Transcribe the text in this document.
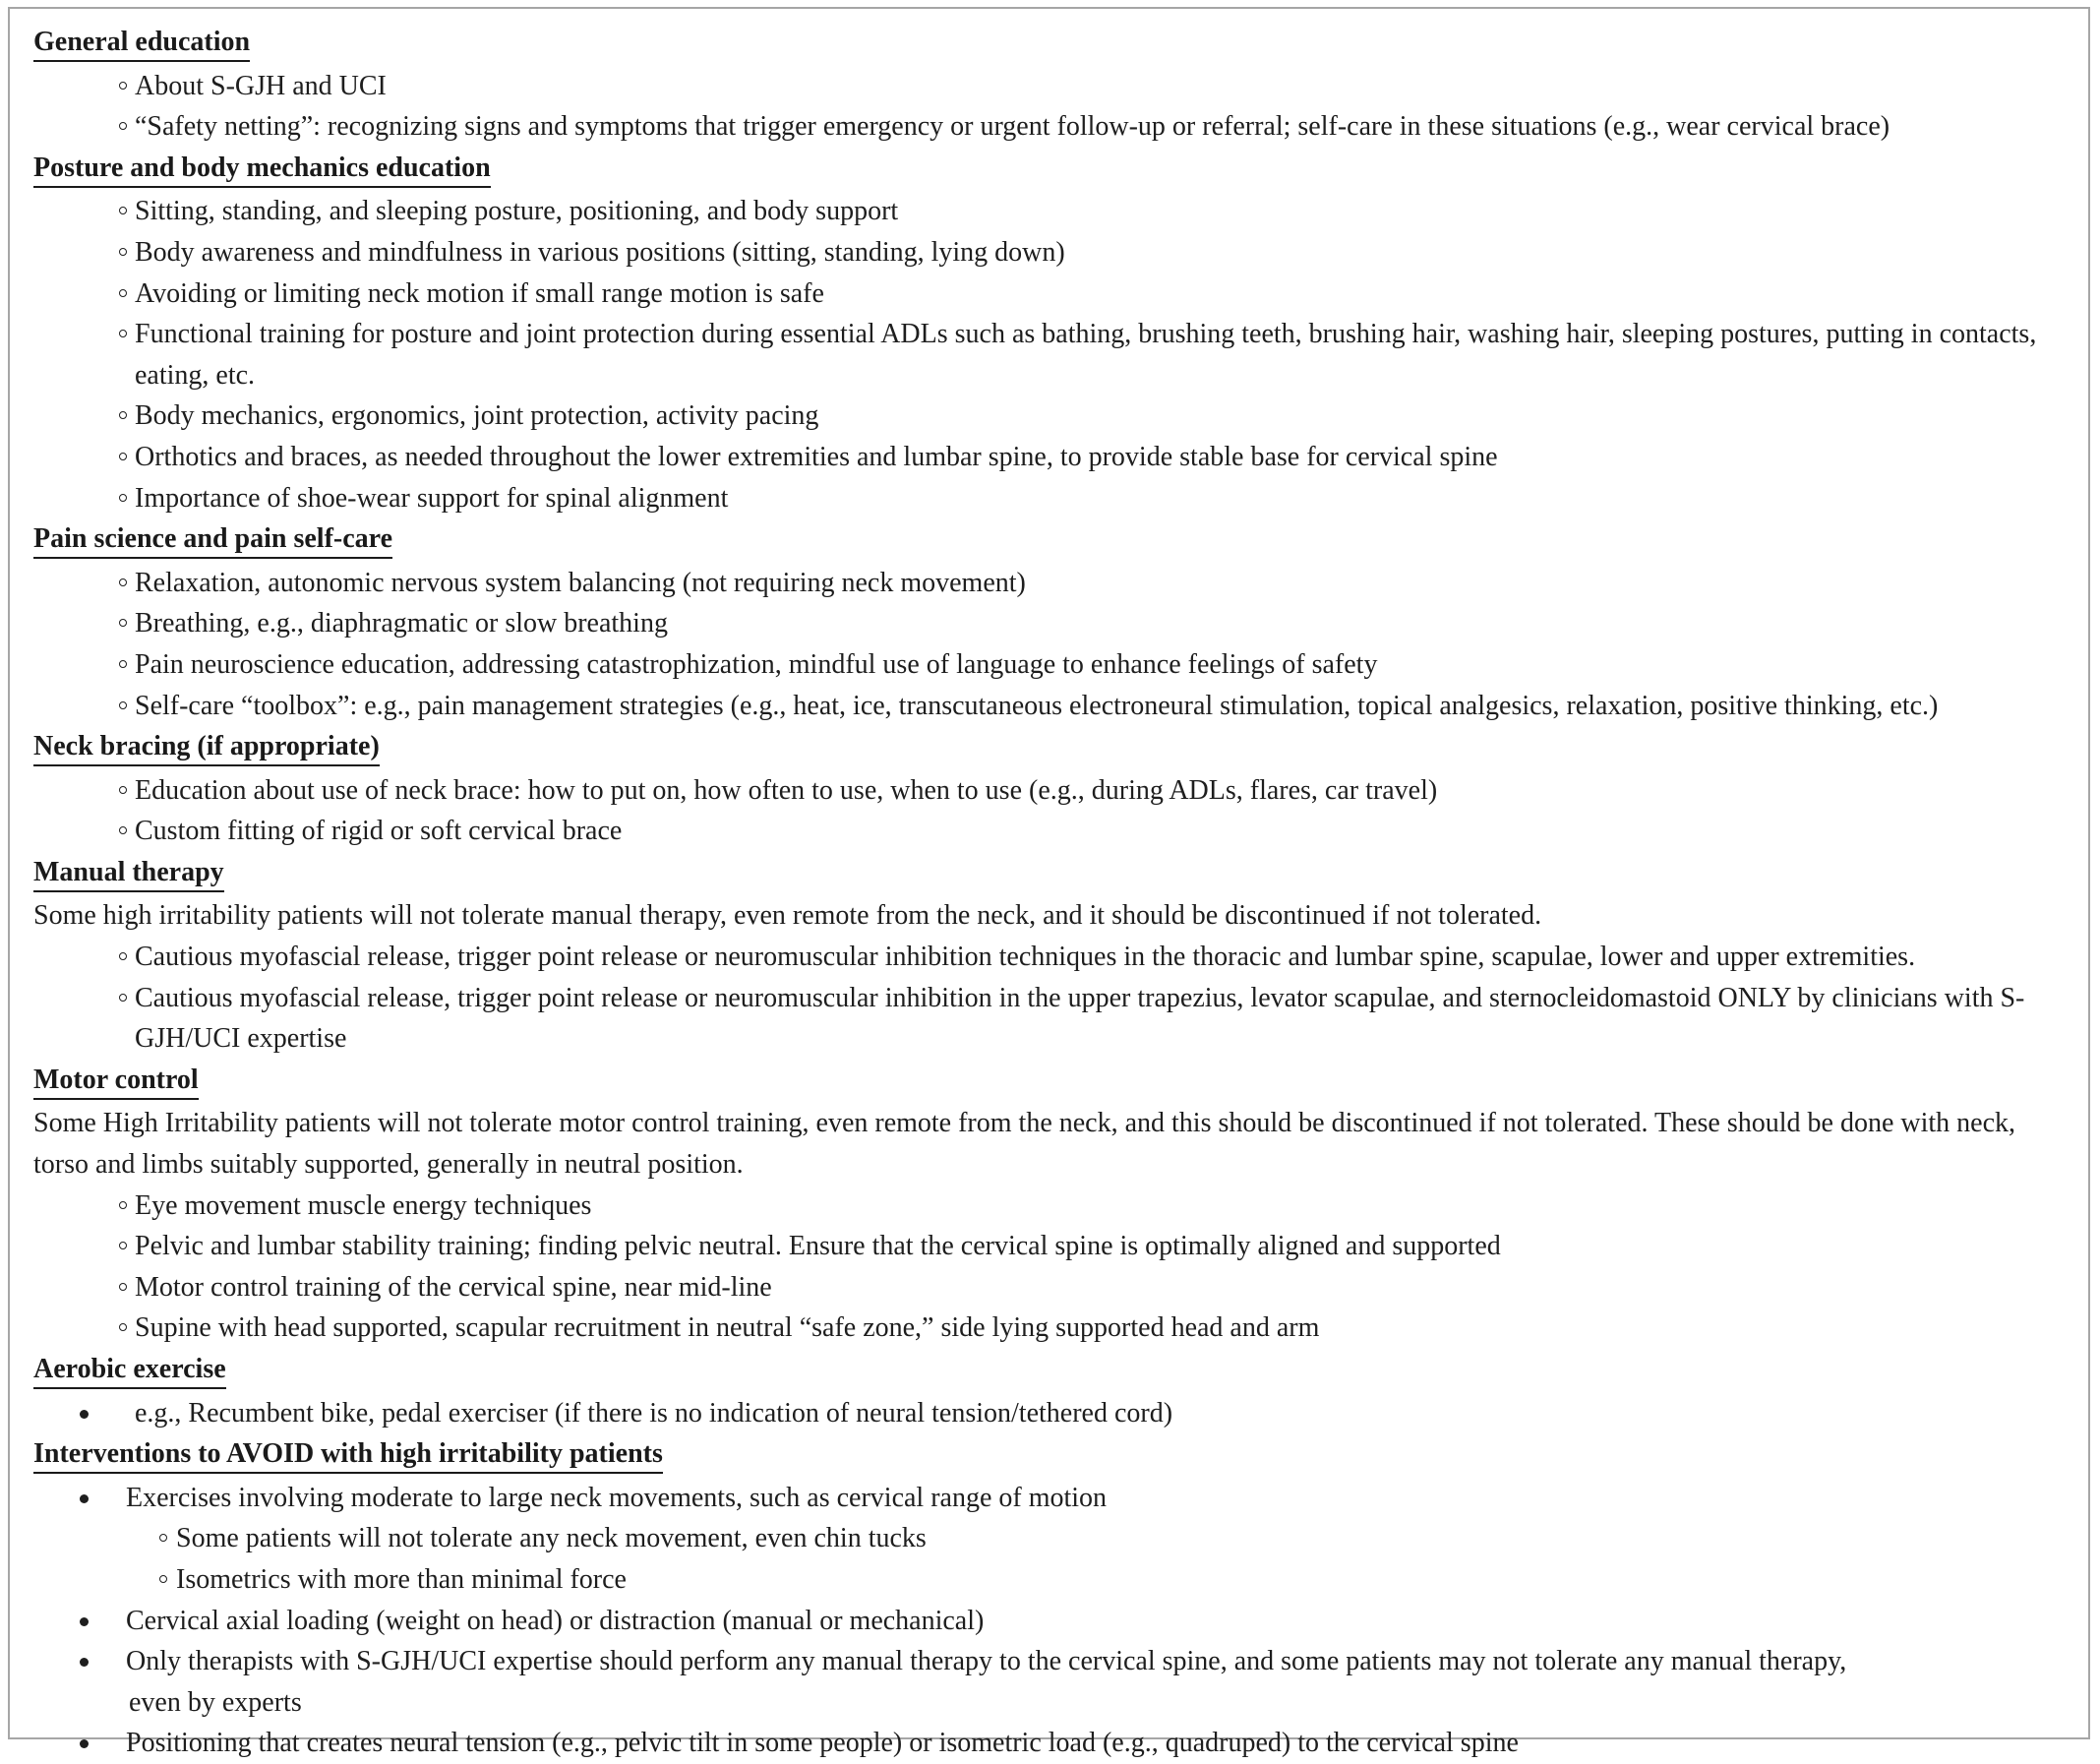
General education
About S-GJH and UCI
“Safety netting”: recognizing signs and symptoms that trigger emergency or urgent follow-up or referral; self-care in these situations (e.g., wear cervical brace)
Posture and body mechanics education
Sitting, standing, and sleeping posture, positioning, and body support
Body awareness and mindfulness in various positions (sitting, standing, lying down)
Avoiding or limiting neck motion if small range motion is safe
Functional training for posture and joint protection during essential ADLs such as bathing, brushing teeth, brushing hair, washing hair, sleeping postures, putting in contacts, eating, etc.
Body mechanics, ergonomics, joint protection, activity pacing
Orthotics and braces, as needed throughout the lower extremities and lumbar spine, to provide stable base for cervical spine
Importance of shoe-wear support for spinal alignment
Pain science and pain self-care
Relaxation, autonomic nervous system balancing (not requiring neck movement)
Breathing, e.g., diaphragmatic or slow breathing
Pain neuroscience education, addressing catastrophization, mindful use of language to enhance feelings of safety
Self-care “toolbox”: e.g., pain management strategies (e.g., heat, ice, transcutaneous electroneural stimulation, topical analgesics, relaxation, positive thinking, etc.)
Neck bracing (if appropriate)
Education about use of neck brace: how to put on, how often to use, when to use (e.g., during ADLs, flares, car travel)
Custom fitting of rigid or soft cervical brace
Manual therapy

Some high irritability patients will not tolerate manual therapy, even remote from the neck, and it should be discontinued if not tolerated.

Cautious myofascial release, trigger point release or neuromuscular inhibition techniques in the thoracic and lumbar spine, scapulae, lower and upper extremities.
Cautious myofascial release, trigger point release or neuromuscular inhibition in the upper trapezius, levator scapulae, and sternocleidomastoid ONLY by clinicians with S-GJH/UCI expertise
Motor control

Some High Irritability patients will not tolerate motor control training, even remote from the neck, and this should be discontinued if not tolerated. These should be done with neck, torso and limbs suitably supported, generally in neutral position.

Eye movement muscle energy techniques
Pelvic and lumbar stability training; finding pelvic neutral. Ensure that the cervical spine is optimally aligned and supported
Motor control training of the cervical spine, near mid-line
Supine with head supported, scapular recruitment in neutral “safe zone,” side lying supported head and arm
Aerobic exercise
e.g., Recumbent bike, pedal exerciser (if there is no indication of neural tension/tethered cord)
Interventions to AVOID with high irritability patients
Exercises involving moderate to large neck movements, such as cervical range of motion
Some patients will not tolerate any neck movement, even chin tucks
Isometrics with more than minimal force
Cervical axial loading (weight on head) or distraction (manual or mechanical)
Only therapists with S-GJH/UCI expertise should perform any manual therapy to the cervical spine, and some patients may not tolerate any manual therapy,
even by experts
Positioning that creates neural tension (e.g., pelvic tilt in some people) or isometric load (e.g., quadruped) to the cervical spine
